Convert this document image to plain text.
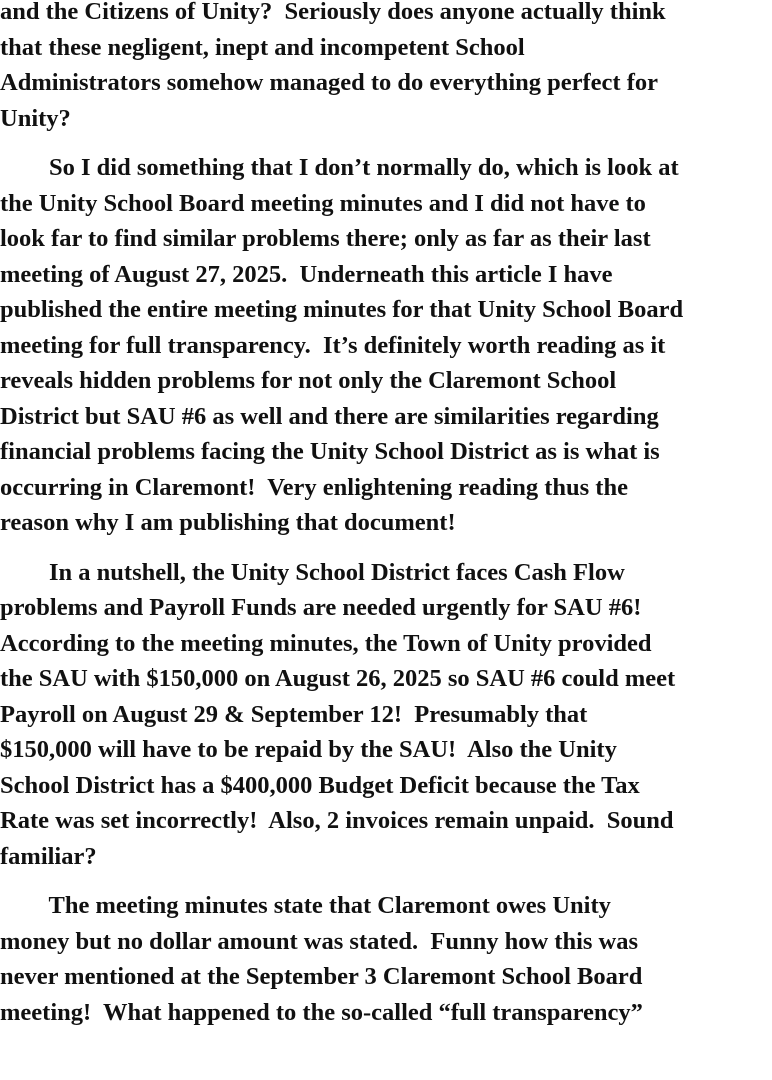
and the Citizens of Unity?  Seriously does anyone actually think
that these negligent, inept and incompetent School
Administrators somehow managed to do everything perfect for
Unity?
So I did something that I don’t normally do, which is look at
the Unity School Board meeting minutes and I did not have to
look far to find similar problems there; only as far as their last
meeting of August 27, 2025.  Underneath this article I have
published the entire meeting minutes for that Unity School Board
meeting for full transparency.  It’s definitely worth reading as it
reveals hidden problems for not only the Claremont School
District but SAU #6 as well and there are similarities regarding
financial problems facing the Unity School District as is what is
occurring in Claremont!  Very enlightening reading thus the
reason why I am publishing that document!
In a nutshell, the Unity School District faces Cash Flow
problems and Payroll Funds are needed urgently for SAU #6!
According to the meeting minutes, the Town of Unity provided
the SAU with $150,000 on August 26, 2025 so SAU #6 could meet
Payroll on August 29 & September 12!  Presumably that
$150,000 will have to be repaid by the SAU!  Also the Unity
School District has a $400,000 Budget Deficit because the Tax
Rate was set incorrectly!  Also, 2 invoices remain unpaid.  Sound
familiar?
The meeting minutes state that Claremont owes Unity
money but no dollar amount was stated.  Funny how this was
never mentioned at the September 3 Claremont School Board
meeting!  What happened to the so-called “full transparency”
